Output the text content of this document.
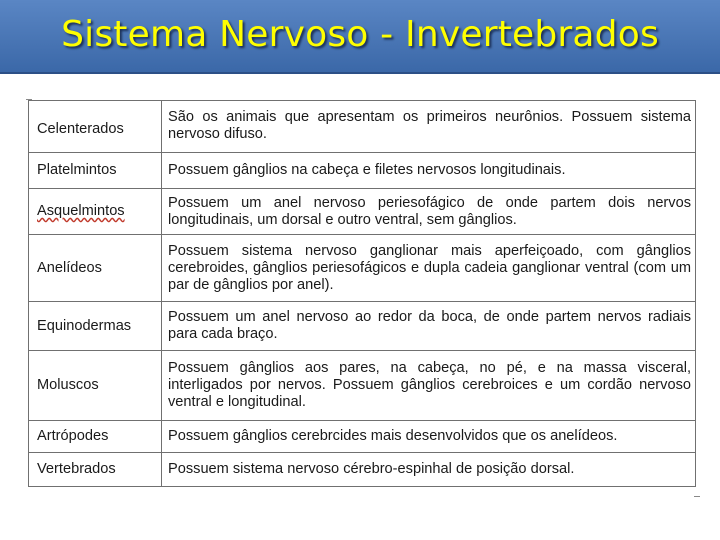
Sistema Nervoso - Invertebrados
Celenterados	São os animais que apresentam os primeiros neurônios. Possuem sistema nervoso difuso.
Platelmintos	Possuem gânglios na cabeça e filetes nervosos longitudinais.
Asquelmintos	Possuem um anel nervoso periesofágico de onde partem dois nervos longitudinais, um dorsal e outro ventral, sem gânglios.
Anelídeos	Possuem sistema nervoso ganglionar mais aperfeiçoado, com gânglios cerebroides, gânglios periesofágicos e dupla cadeia ganglionar ventral (com um par de gânglios por anel).
Equinodermas	Possuem um anel nervoso ao redor da boca, de onde partem nervos radiais para cada braço.
Moluscos	Possuem gânglios aos pares, na cabeça, no pé, e na massa visceral, interligados por nervos. Possuem gânglios cerebroices e um cordão nervoso ventral e longitudinal.
Artrópodes	Possuem gânglios cerebrcides mais desenvolvidos que os anelídeos.
Vertebrados	Possuem sistema nervoso cérebro-espinhal de posição dorsal.
